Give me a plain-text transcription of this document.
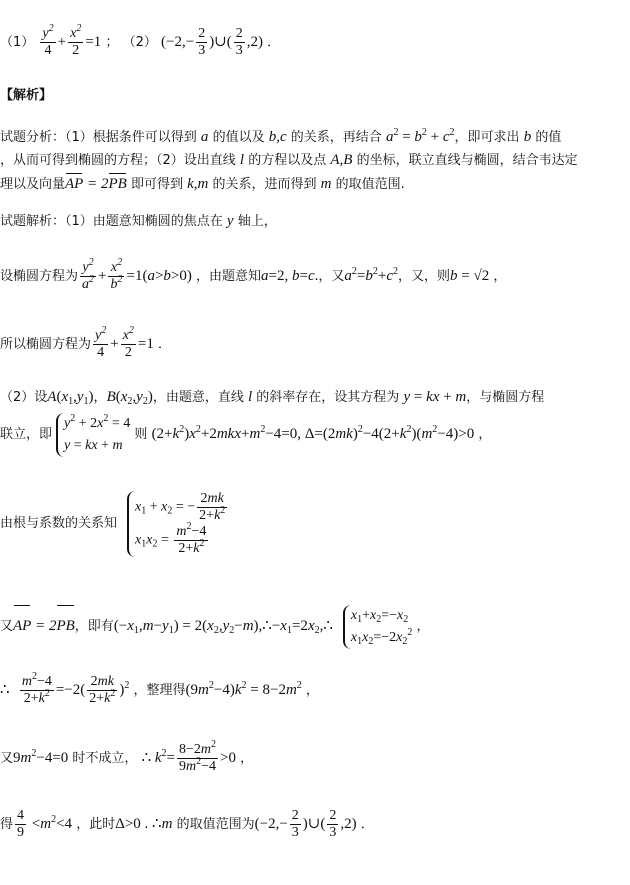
$(1) \frac{y^2}{4} + \frac{x^2}{2} =1$ ； （2） ($-2,- \frac{2}{3}$ )∪( $\frac{2}{3} ,2$) ．
【解析】
试题分析：（1）根据条件可以得到 a 的值以及 b,c 的关系，再结合 $a^2 = b^2 + c^2$，即可求出 b 的值
，从而可得到椭圆的方程；（2）设出直线 l 的方程以及点 A,B 的坐标，联立直线与椭圆，结合韦达定
理以及向量AP = 2PB 即可得到 k,m 的关系，进而得到 m 的取值范围.
试题解析：（1）由题意知椭圆的焦点在 y 轴上，
设椭圆方程为 $\frac{y^2}{a^2} + \frac{x^2}{b^2} =1(a>b>0)$ ，由题意知a=2, b=c.，又$a^2=b^2+c^2$，又，则b = √2 ，
所以椭圆方程为 $\frac{y^2}{4} + \frac{x^2}{2} =1$ ．
（2）设$A(x_1,y_1)$，$B(x_2,y_2)$，由题意，直线 l 的斜率存在，设其方程为 y = kx + m，与椭圆方程
联立，即
$y^2 + 2x^2 = 4$
y = kx + m
则 $(2+k^2)x^2+2mkx+m^2-4=0$, $\Delta=(2mk)^2-4(2+k^2)(m^2-4)>0$ ，
由根与系数的关系知
$x_1 + x_2$ = − $\frac{2mk}{2+k^2}$
$x_1x_2 = \frac{m^2-4}{2+k^2}$
又AP = 2PB，即有$(-x_1,m-y_1)$ = $2(x_2,y_2-m),\therefore-x_1=2x_2,\therefore$
$x_1+x_2=-x_2$
$x_1x_2=-2x_2^2$ ，
∴ $\frac{m^2-4}{2+k^2} =-2( \frac{2mk}{2+k^2} )^2$ ，整理得$(9m^2-4)k^2 = 8-2m^2$ ，
又$9m^2-4=0$ 时不成立， ∴ $k^2= \frac{8-2m^2}{9m^2-4} >0$ ，
得 $\frac{4}{9} <m^2<4$ ，此时Δ>0 . ∴m 的取值范围为($-2,- \frac{2}{3}$ )∪( $\frac{2}{3} ,2$) ．
